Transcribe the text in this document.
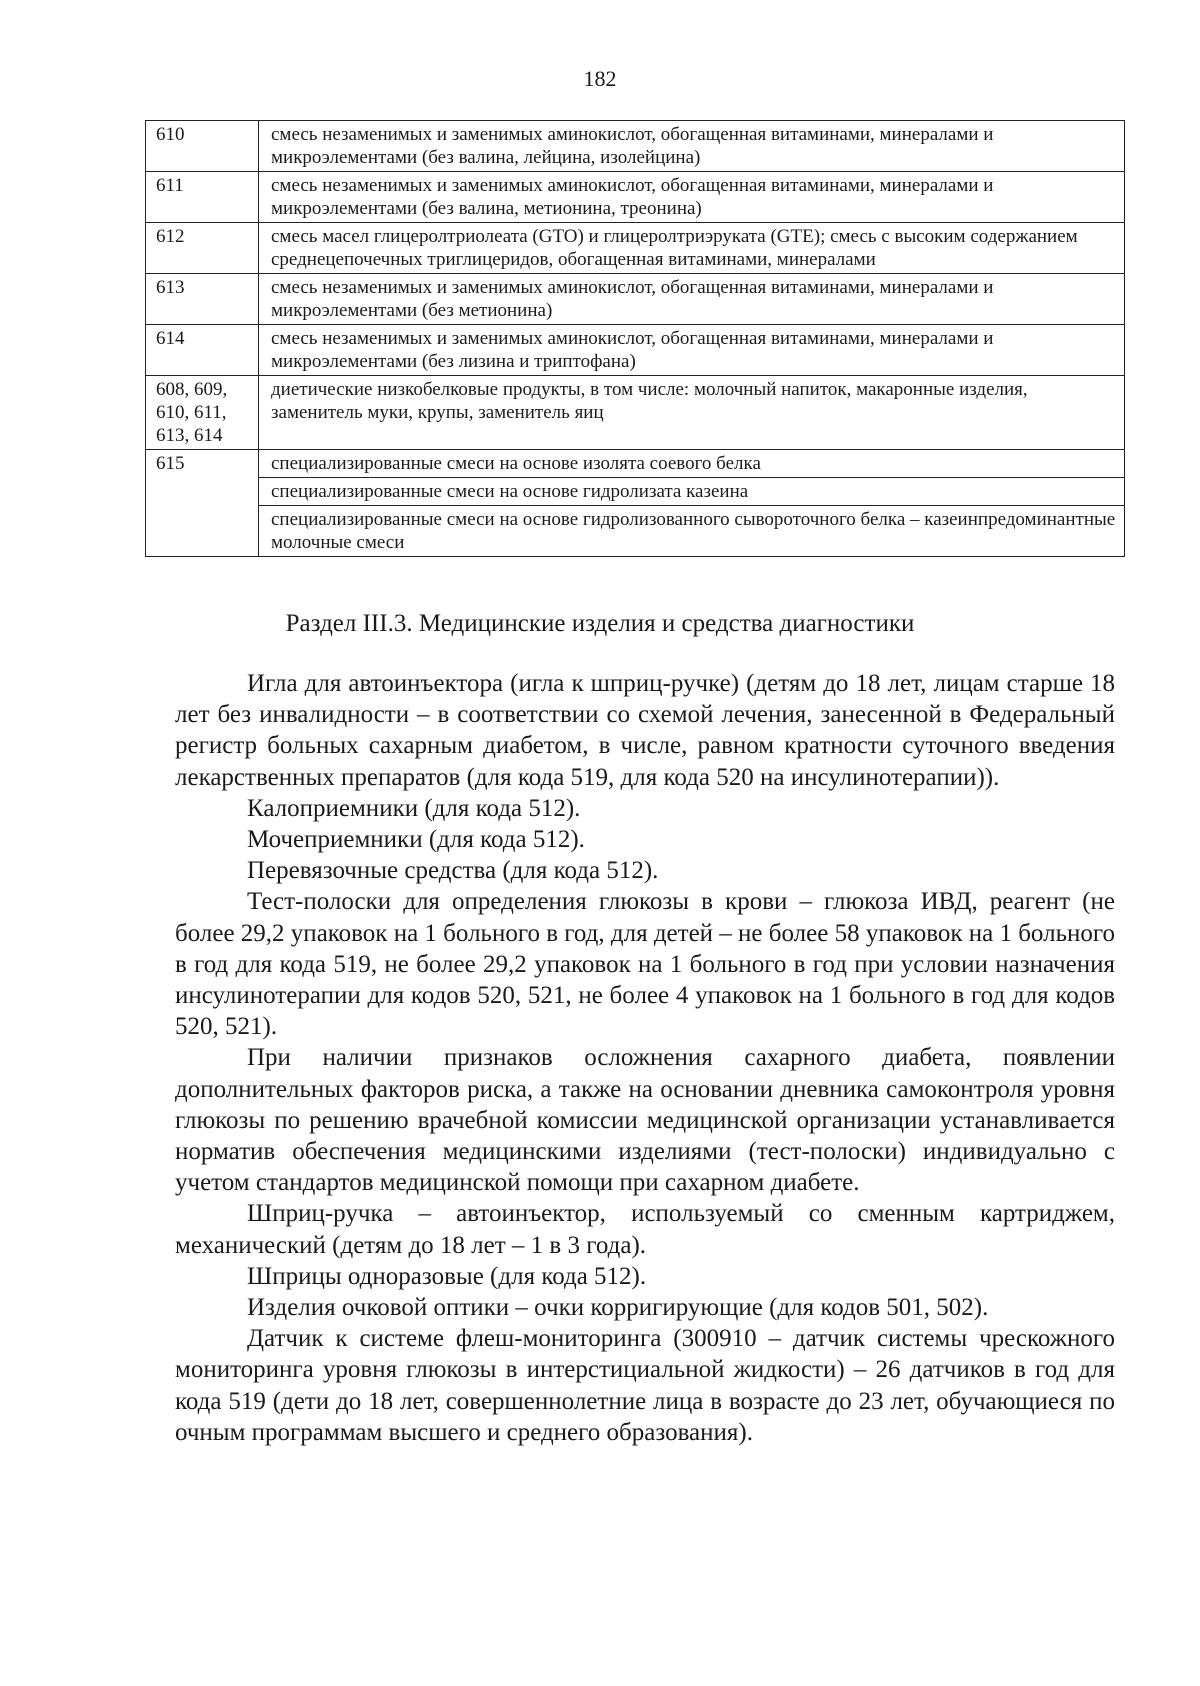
182
610	смесь незаменимых и заменимых аминокислот, обогащенная витаминами, минералами и микроэлементами (без валина, лейцина, изолейцина)
611	смесь незаменимых и заменимых аминокислот, обогащенная витаминами, минералами и микроэлементами (без валина, метионина, треонина)
612	смесь масел глицеролтриолеата (GTO) и глицеролтриэруката (GTE); смесь с высоким содержанием среднецепочечных триглицеридов, обогащенная витаминами, минералами
613	смесь незаменимых и заменимых аминокислот, обогащенная витаминами, минералами и микроэлементами (без метионина)
614	смесь незаменимых и заменимых аминокислот, обогащенная витаминами, минералами и микроэлементами (без лизина и триптофана)
608, 609, 610, 611, 613, 614	диетические низкобелковые продукты, в том числе: молочный напиток, макаронные изделия, заменитель муки, крупы, заменитель яиц
615	специализированные смеси на основе изолята соевого белка
	специализированные смеси на основе гидролизата казеина
	специализированные смеси на основе гидролизованного сывороточного белка – казеинпредоминантные молочные смеси
Раздел III.3. Медицинские изделия и средства диагностики

Игла для автоинъектора (игла к шприц-ручке) (детям до 18 лет, лицам старше 18 лет без инвалидности – в соответствии со схемой лечения, занесенной в Федеральный регистр больных сахарным диабетом, в числе, равном кратности суточного введения лекарственных препаратов (для кода 519, для кода 520 на инсулинотерапии)).

Калоприемники (для кода 512).

Мочеприемники (для кода 512).

Перевязочные средства (для кода 512).

Тест-полоски для определения глюкозы в крови – глюкоза ИВД, реагент (не более 29,2 упаковок на 1 больного в год, для детей – не более 58 упаковок на 1 больного в год для кода 519, не более 29,2 упаковок на 1 больного в год при условии назначения инсулинотерапии для кодов 520, 521, не более 4 упаковок на 1 больного в год для кодов 520, 521).

При наличии признаков осложнения сахарного диабета, появлении дополнительных факторов риска, а также на основании дневника самоконтроля уровня глюкозы по решению врачебной комиссии медицинской организации устанавливается норматив обеспечения медицинскими изделиями (тест-полоски) индивидуально с учетом стандартов медицинской помощи при сахарном диабете.

Шприц-ручка – автоинъектор, используемый со сменным картриджем, механический (детям до 18 лет – 1 в 3 года).

Шприцы одноразовые (для кода 512).

Изделия очковой оптики – очки корригирующие (для кодов 501, 502).

Датчик к системе флеш-мониторинга (300910 – датчик системы чрескожного мониторинга уровня глюкозы в интерстициальной жидкости) – 26 датчиков в год для кода 519 (дети до 18 лет, совершеннолетние лица в возрасте до 23 лет, обучающиеся по очным программам высшего и среднего образования).
